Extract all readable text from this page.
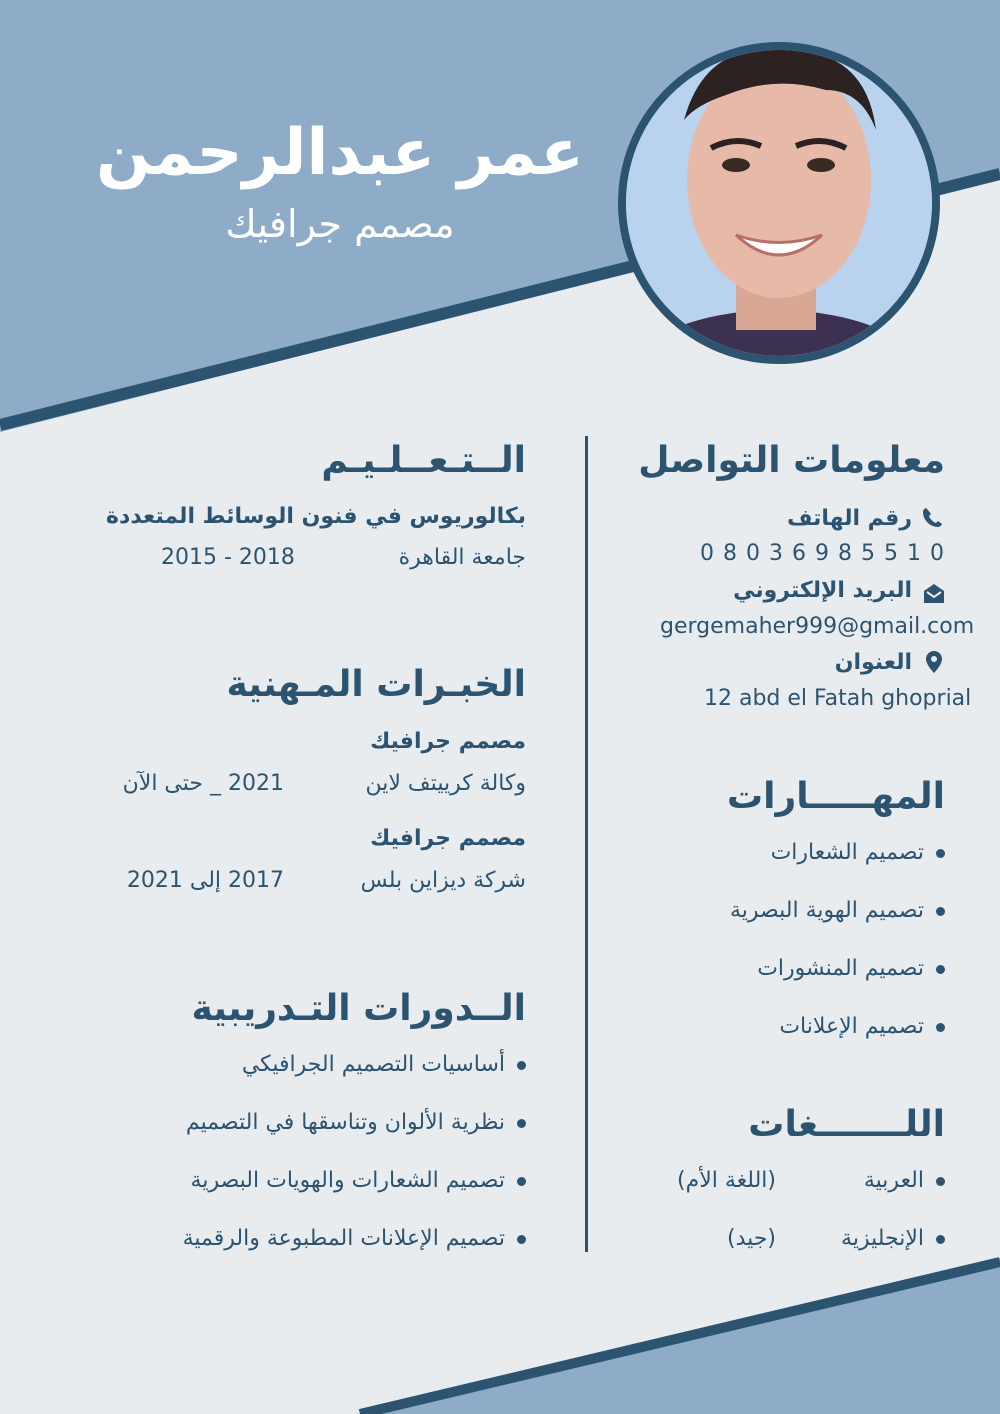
عمر عبدالرحمن
مصمم جرافيك
معلومات التواصل
رقم الهاتف
0 1 5 5 8 9 6 3 0 8 0
البريد الإلكتروني
gergemaher999@gmail.com
العنوان
12 abd el Fatah ghoprial
المهـــــارات
تصميم الشعارات
تصميم الهوية البصرية
تصميم المنشورات
تصميم الإعلانات
اللـــــــغات
العربية
(اللغة الأم)
الإنجليزية
(جيد)
الــتـعــلـيـم
بكالوريوس في فنون الوسائط المتعددة
جامعة القاهرة
2015 - 2018
الخبـرات المـهنية
مصمم جرافيك
وكالة كرييتف لاين
2021 _ حتى الآن
مصمم جرافيك
شركة ديزاين بلس
2017 إلى 2021
الــدورات التـدريبية
أساسيات التصميم الجرافيكي
نظرية الألوان وتناسقها في التصميم
تصميم الشعارات والهويات البصرية
تصميم الإعلانات المطبوعة والرقمية
